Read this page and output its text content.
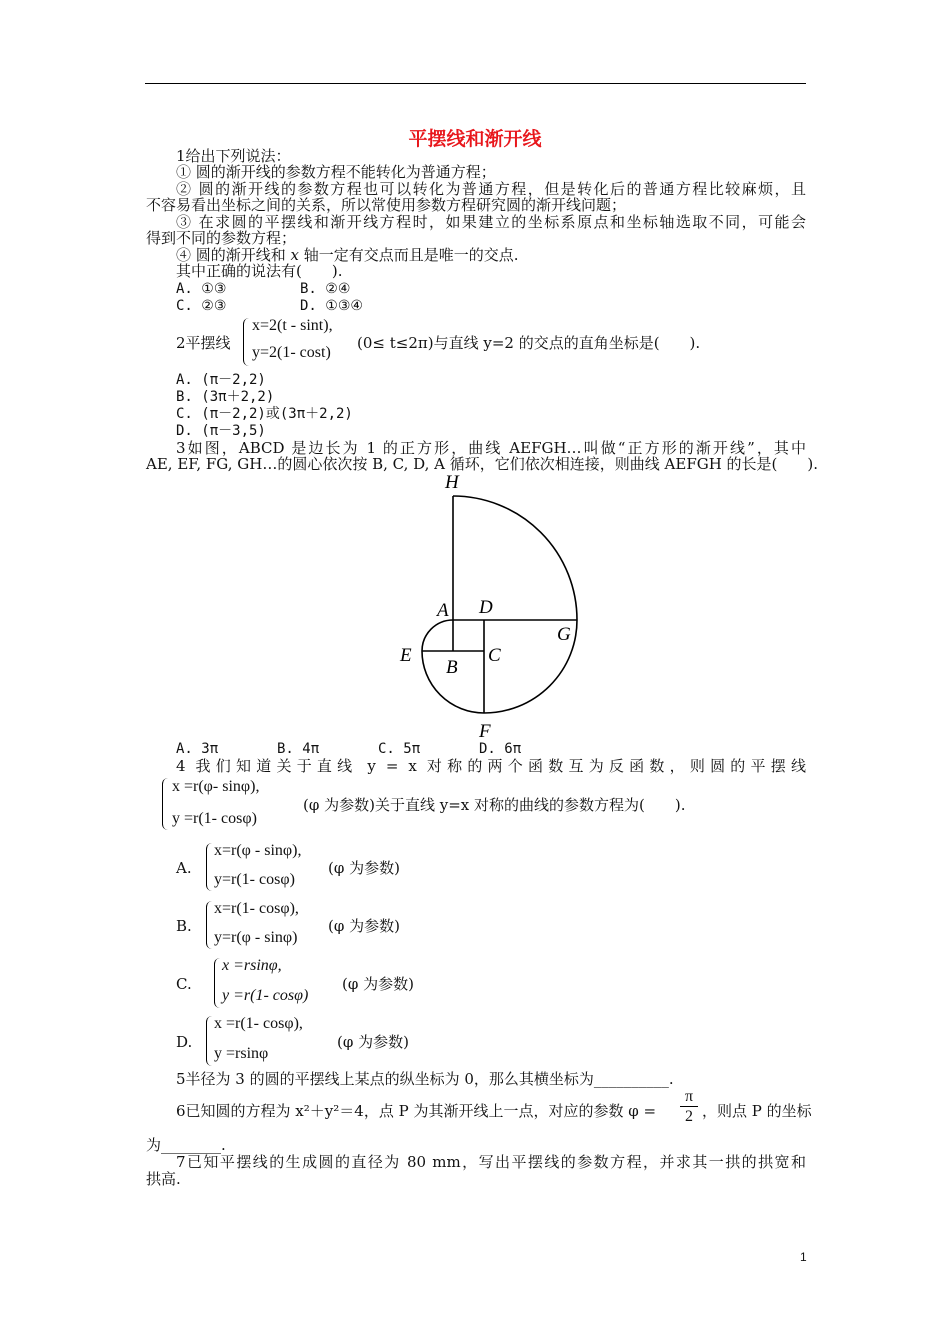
平摆线和渐开线
1给出下列说法：
① 圆的渐开线的参数方程不能转化为普通方程；
② 圆的渐开线的参数方程也可以转化为普通方程，但是转化后的普通方程比较麻烦，且
不容易看出坐标之间的关系，所以常使用参数方程研究圆的渐开线问题；
③ 在求圆的平摆线和渐开线方程时，如果建立的坐标系原点和坐标轴选取不同，可能会
得到不同的参数方程；
④ 圆的渐开线和 x 轴一定有交点而且是唯一的交点.
其中正确的说法有(　　).
A. ①③	B. ②④
C. ②③	D. ①③④
2平摆线
x=2(t - sint),
y=2(1- cost)
(0≤ t≤2π)与直线 y=2 的交点的直角坐标是(　　).
A. (π－2,2)
B. (3π＋2,2)
C. (π－2,2)或(3π＋2,2)
D. (π－3,5)
3如图，ABCD 是边长为 1 的正方形，曲线 AEFGH…叫做“正方形的渐开线”，其中
AE, EF, FG, GH…的圆心依次按 B, C, D, A 循环，它们依次相连接，则曲线 AEFGH 的长是(　　).
H
A D
G
E
B
C
F
A. 3π	B. 4π	C. 5π	D. 6π
4 我们知道关于直线 y = x 对称的两个函数互为反函数，则圆的平摆线
x =r(φ- sinφ),
y =r(1- cosφ)
(φ 为参数)关于直线 y=x 对称的曲线的参数方程为(　　).
A.
x=r(φ - sinφ),
y=r(1- cosφ)
(φ 为参数)
B.
x=r(1- cosφ),
y=r(φ - sinφ)
(φ 为参数)
C.
x =rsinφ,
y =r(1- cosφ)
(φ 为参数)
D.
x =r(1- cosφ),
y =rsinφ
(φ 为参数)
5半径为 3 的圆的平摆线上某点的纵坐标为 0，那么其横坐标为__________.
6已知圆的方程为 x²＋y²＝4，点 P 为其渐开线上一点，对应的参数 φ =
π
2 ，则点 P 的坐标
为________.
7已知平摆线的生成圆的直径为 80 mm，写出平摆线的参数方程，并求其一拱的拱宽和
拱高.
1
